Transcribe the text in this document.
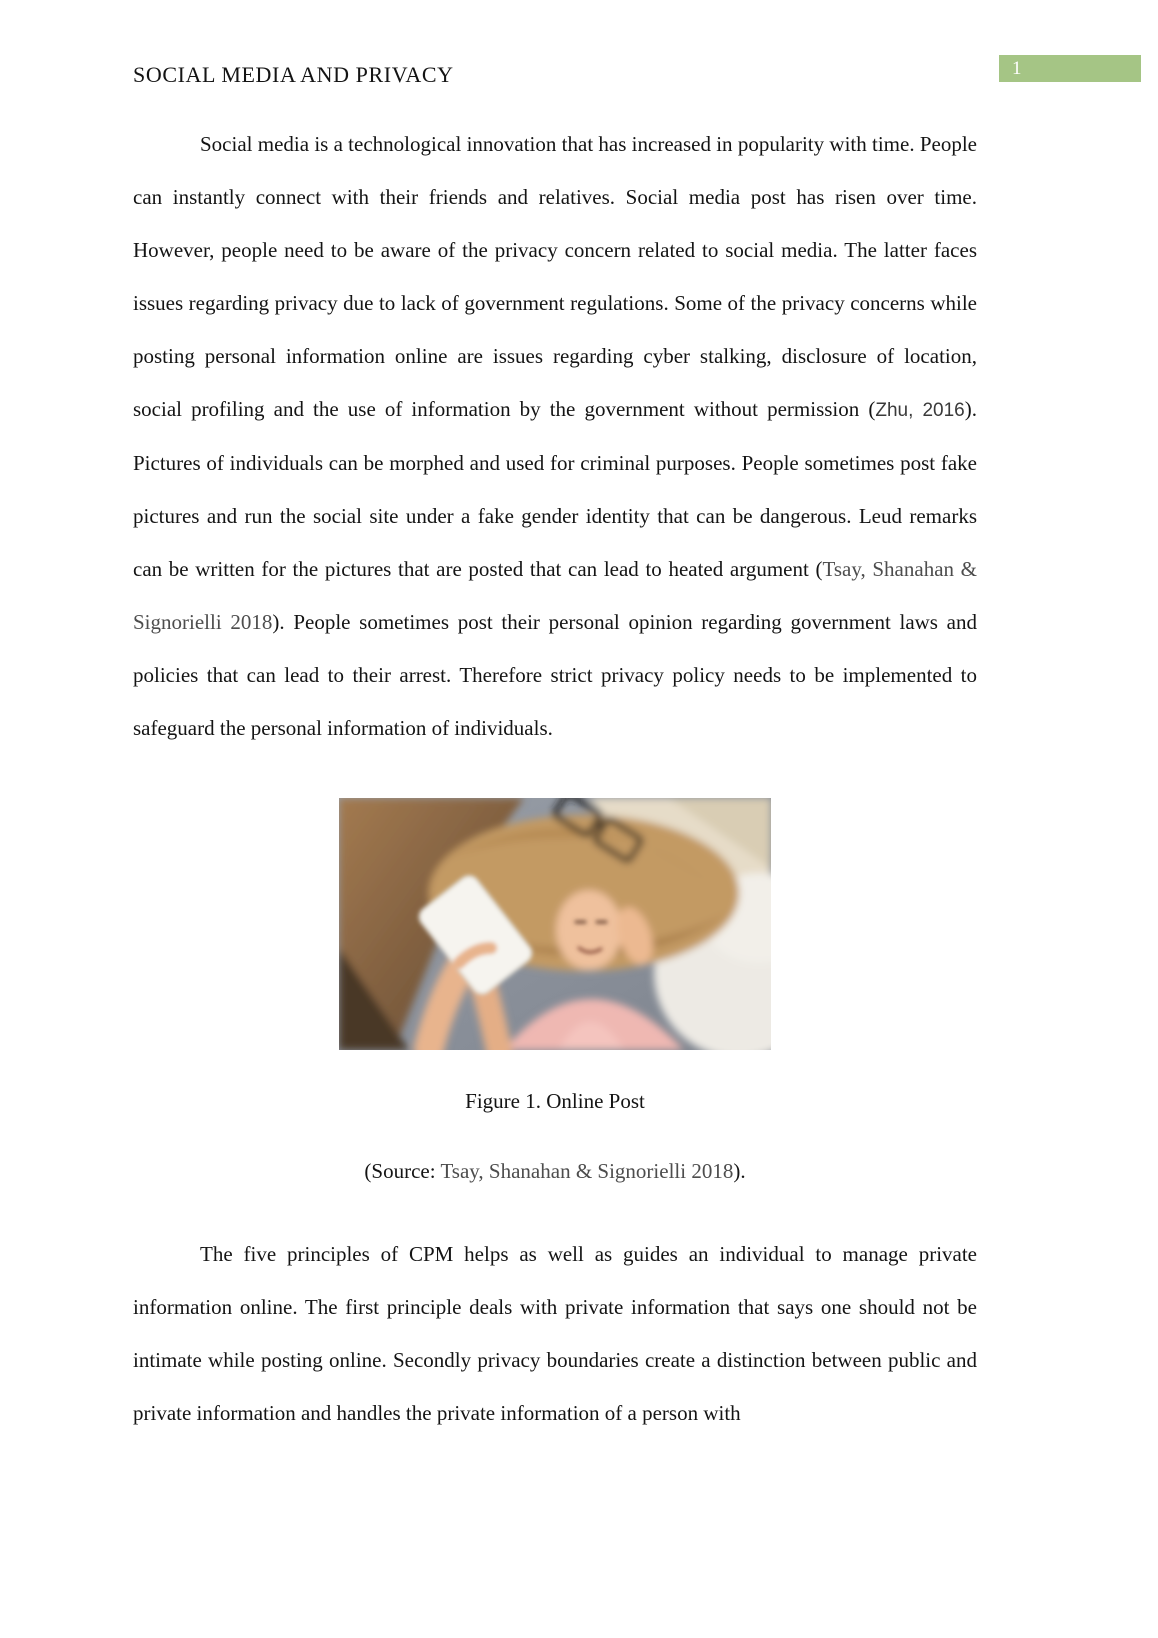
SOCIAL MEDIA AND PRIVACY	1

Social media is a technological innovation that has increased in popularity with time. People can instantly connect with their friends and relatives. Social media post has risen over time. However, people need to be aware of the privacy concern related to social media. The latter faces issues regarding privacy due to lack of government regulations. Some of the privacy concerns while posting personal information online are issues regarding cyber stalking, disclosure of location, social profiling and the use of information by the government without permission (Zhu, 2016). Pictures of individuals can be morphed and used for criminal purposes. People sometimes post fake pictures and run the social site under a fake gender identity that can be dangerous. Leud remarks can be written for the pictures that are posted that can lead to heated argument (Tsay, Shanahan & Signorielli 2018). People sometimes post their personal opinion regarding government laws and policies that can lead to their arrest. Therefore strict privacy policy needs to be implemented to safeguard the personal information of individuals.

Figure 1. Online Post
(Source: Tsay, Shanahan & Signorielli 2018).

The five principles of CPM helps as well as guides an individual to manage private information online. The first principle deals with private information that says one should not be intimate while posting online. Secondly privacy boundaries create a distinction between public and private information and handles the private information of a person with
